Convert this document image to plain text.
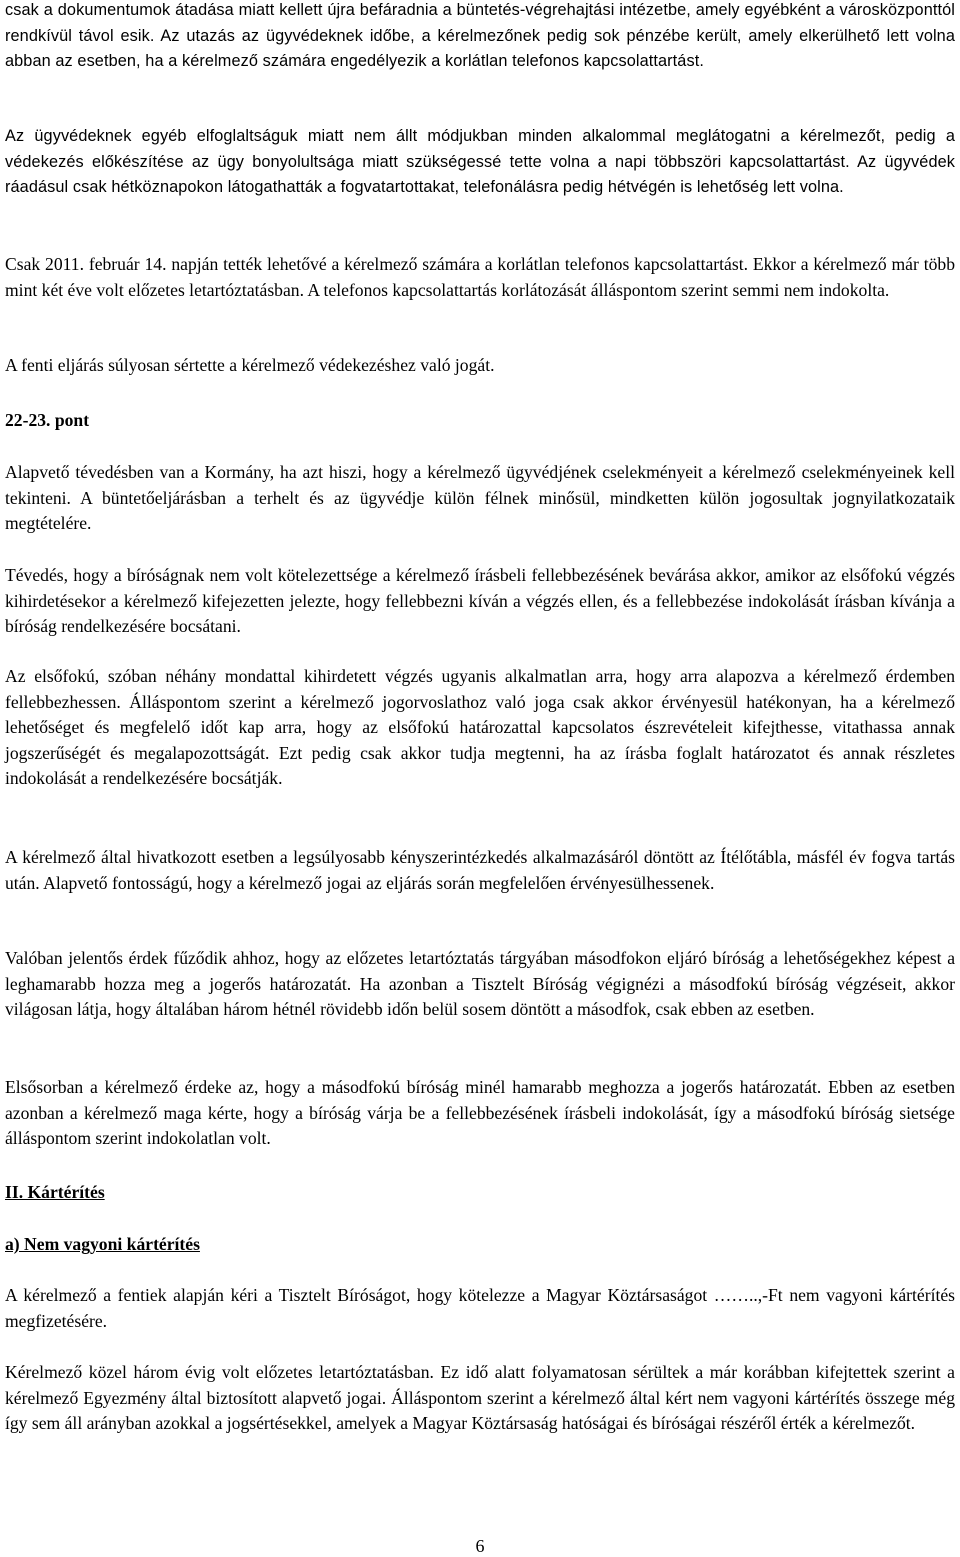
csak a dokumentumok átadása miatt kellett újra befáradnia a büntetés-végrehajtási intézetbe, amely egyébként a városközponttól rendkívül távol esik. Az utazás az ügyvédeknek időbe, a kérelmezőnek pedig sok pénzébe került, amely elkerülhető lett volna abban az esetben, ha a kérelmező számára engedélyezik a korlátlan telefonos kapcsolattartást.

Az ügyvédeknek egyéb elfoglaltságuk miatt nem állt módjukban minden alkalommal meglátogatni a kérelmezőt, pedig a védekezés előkészítése az ügy bonyolultsága miatt szükségessé tette volna a napi többszöri kapcsolattartást. Az ügyvédek ráadásul csak hétköznapokon látogathatták a fogvatartottakat, telefonálásra pedig hétvégén is lehetőség lett volna.

Csak 2011. február 14. napján tették lehetővé a kérelmező számára a korlátlan telefonos kapcsolattartást. Ekkor a kérelmező már több mint két éve volt előzetes letartóztatásban. A telefonos kapcsolattartás korlátozását álláspontom szerint semmi nem indokolta.

A fenti eljárás súlyosan sértette a kérelmező védekezéshez való jogát.

22-23. pont

Alapvető tévedésben van a Kormány, ha azt hiszi, hogy a kérelmező ügyvédjének cselekményeit a kérelmező cselekményeinek kell tekinteni. A büntetőeljárásban a terhelt és az ügyvédje külön félnek minősül, mindketten külön jogosultak jognyilatkozataik megtételére.

Tévedés, hogy a bíróságnak nem volt kötelezettsége a kérelmező írásbeli fellebbezésének bevárása akkor, amikor az elsőfokú végzés kihirdetésekor a kérelmező kifejezetten jelezte, hogy fellebbezni kíván a végzés ellen, és a fellebbezése indokolását írásban kívánja a bíróság rendelkezésére bocsátani.

Az elsőfokú, szóban néhány mondattal kihirdetett végzés ugyanis alkalmatlan arra, hogy arra alapozva a kérelmező érdemben fellebbezhessen. Álláspontom szerint a kérelmező jogorvoslathoz való joga csak akkor érvényesül hatékonyan, ha a kérelmező lehetőséget és megfelelő időt kap arra, hogy az elsőfokú határozattal kapcsolatos észrevételeit kifejthesse, vitathassa annak jogszerűségét és megalapozottságát. Ezt pedig csak akkor tudja megtenni, ha az írásba foglalt határozatot és annak részletes indokolását a rendelkezésére bocsátják.

A kérelmező által hivatkozott esetben a legsúlyosabb kényszerintézkedés alkalmazásáról döntött az Ítélőtábla, másfél év fogva tartás után. Alapvető fontosságú, hogy a kérelmező jogai az eljárás során megfelelően érvényesülhessenek.

Valóban jelentős érdek fűződik ahhoz, hogy az előzetes letartóztatás tárgyában másodfokon eljáró bíróság a lehetőségekhez képest a leghamarabb hozza meg a jogerős határozatát. Ha azonban a Tisztelt Bíróság végignézi a másodfokú bíróság végzéseit, akkor világosan látja, hogy általában három hétnél rövidebb időn belül sosem döntött a másodfok, csak ebben az esetben.

Elsősorban a kérelmező érdeke az, hogy a másodfokú bíróság minél hamarabb meghozza a jogerős határozatát. Ebben az esetben azonban a kérelmező maga kérte, hogy a bíróság várja be a fellebbezésének írásbeli indokolását, így a másodfokú bíróság sietsége álláspontom szerint indokolatlan volt.

II. Kártérítés

a) Nem vagyoni kártérítés

A kérelmező a fentiek alapján kéri a Tisztelt Bíróságot, hogy kötelezze a Magyar Köztársaságot ……..,-Ft nem vagyoni kártérítés megfizetésére.

Kérelmező közel három évig volt előzetes letartóztatásban. Ez idő alatt folyamatosan sérültek a már korábban kifejtettek szerint a kérelmező Egyezmény által biztosított alapvető jogai. Álláspontom szerint a kérelmező által kért nem vagyoni kártérítés összege még így sem áll arányban azokkal a jogsértésekkel, amelyek a Magyar Köztársaság hatóságai és bíróságai részéről érték a kérelmezőt.

6
